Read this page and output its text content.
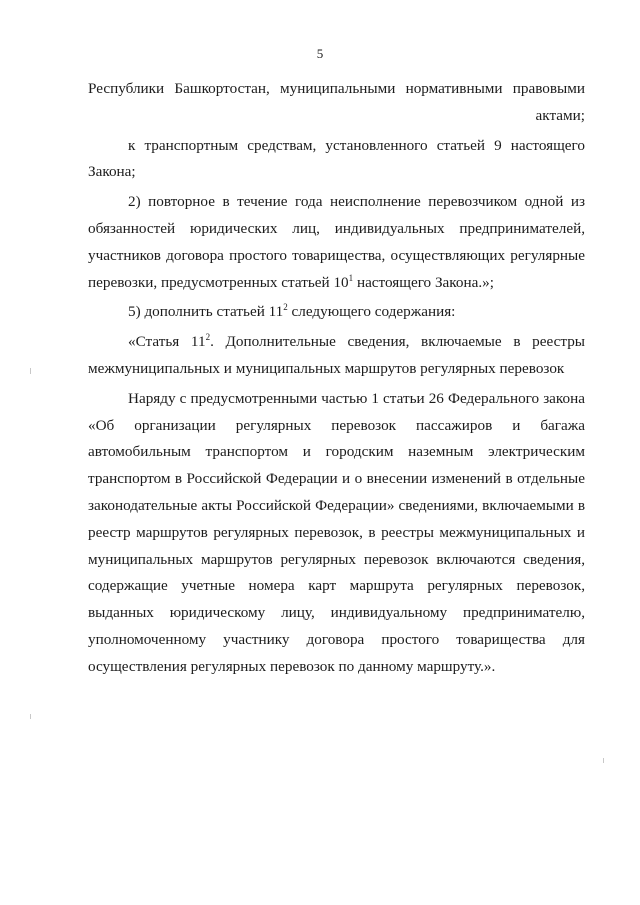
5

Республики Башкортостан, муниципальными нормативными правовыми актами;

к транспортным средствам, установленного статьей 9 настоящего Закона;

2) повторное в течение года неисполнение перевозчиком одной из обязанностей юридических лиц, индивидуальных предпринимателей, участников договора простого товарищества, осуществляющих регулярные перевозки, предусмотренных статьей $10^1$ настоящего Закона.»;

5) дополнить статьей $11^2$ следующего содержания:

«Статья $11^2$. Дополнительные сведения, включаемые в реестры межмуниципальных и муниципальных маршрутов регулярных перевозок

Наряду с предусмотренными частью 1 статьи 26 Федерального закона «Об организации регулярных перевозок пассажиров и багажа автомобильным транспортом и городским наземным электрическим транспортом в Российской Федерации и о внесении изменений в отдельные законодательные акты Российской Федерации» сведениями, включаемыми в реестр маршрутов регулярных перевозок, в реестры межмуниципальных и муниципальных маршрутов регулярных перевозок включаются сведения, содержащие учетные номера карт маршрута регулярных перевозок, выданных юридическому лицу, индивидуальному предпринимателю, уполномоченному участнику договора простого товарищества для осуществления регулярных перевозок по данному маршруту.».
